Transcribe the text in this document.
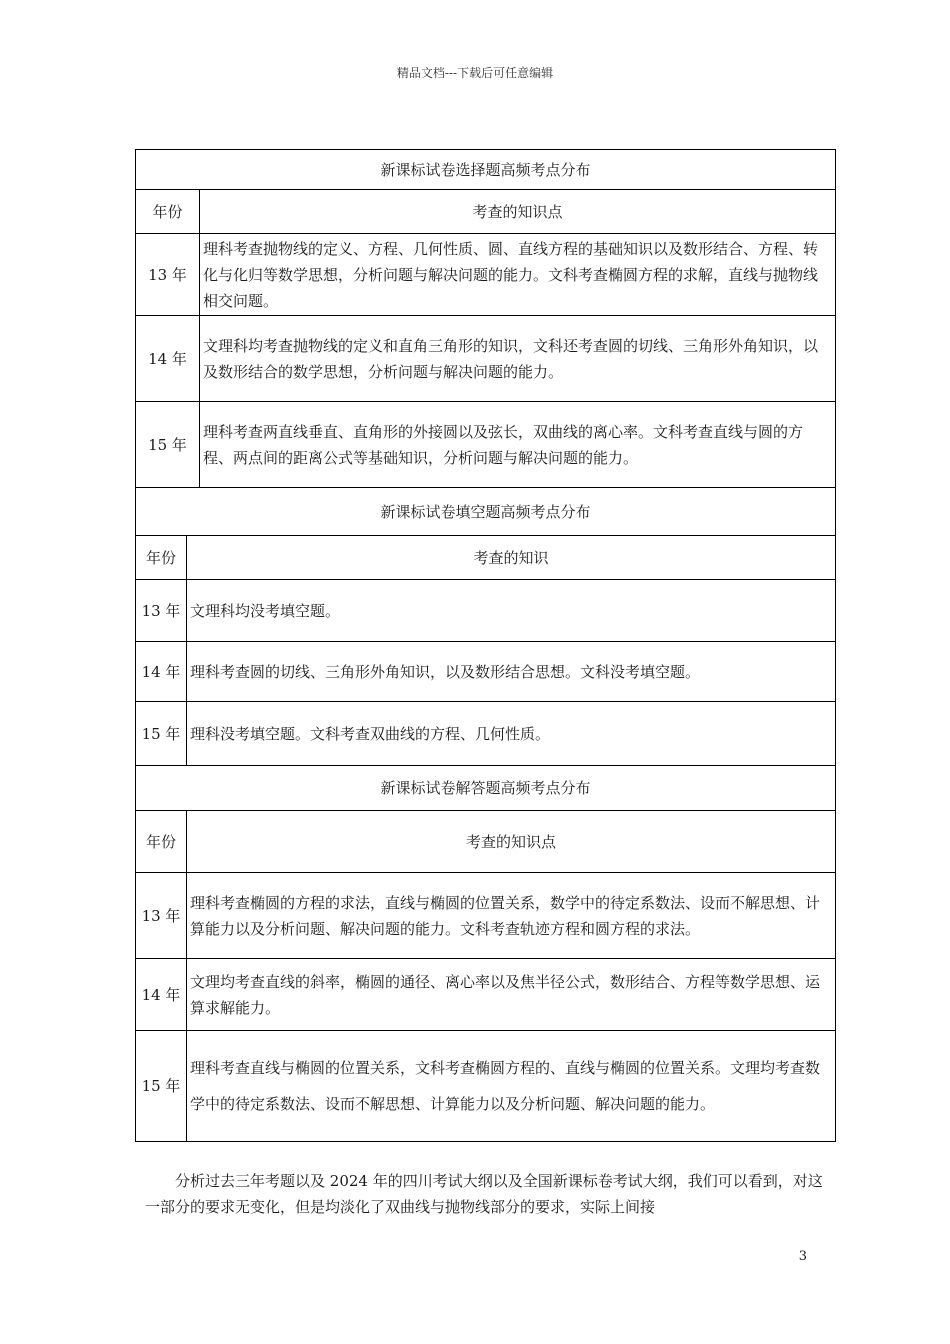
精品文档---下载后可任意编辑
新课标试卷选择题高频考点分布	
年份	考查的知识点
13 年	理科考查抛物线的定义、方程、几何性质、圆、直线方程的基础知识以及数形结合、方程、转化与化归等数学思想，分析问题与解决问题的能力。文科考查椭圆方程的求解，直线与抛物线相交问题。
14 年	文理科均考查抛物线的定义和直角三角形的知识，文科还考查圆的切线、三角形外角知识，以及数形结合的数学思想，分析问题与解决问题的能力。
15 年	理科考查两直线垂直、直角形的外接圆以及弦长，双曲线的离心率。文科考查直线与圆的方程、两点间的距离公式等基础知识，分析问题与解决问题的能力。
新课标试卷填空题高频考点分布	
年份	考查的知识
13 年	文理科均没考填空题。
14 年	理科考查圆的切线、三角形外角知识，以及数形结合思想。文科没考填空题。
15 年	理科没考填空题。文科考查双曲线的方程、几何性质。
新课标试卷解答题高频考点分布	
年份	考查的知识点
13 年	理科考查椭圆的方程的求法，直线与椭圆的位置关系，数学中的待定系数法、设而不解思想、计算能力以及分析问题、解决问题的能力。文科考查轨迹方程和圆方程的求法。
14 年	文理均考查直线的斜率，椭圆的通径、离心率以及焦半径公式，数形结合、方程等数学思想、运算求解能力。
15 年	理科考查直线与椭圆的位置关系，文科考查椭圆方程的、直线与椭圆的位置关系。文理均考查数学中的待定系数法、设而不解思想、计算能力以及分析问题、解决问题的能力。

分析过去三年考题以及 2024 年的四川考试大纲以及全国新课标卷考试大纲，我们可以看到，对这一部分的要求无变化，但是均淡化了双曲线与抛物线部分的要求，实际上间接

3
